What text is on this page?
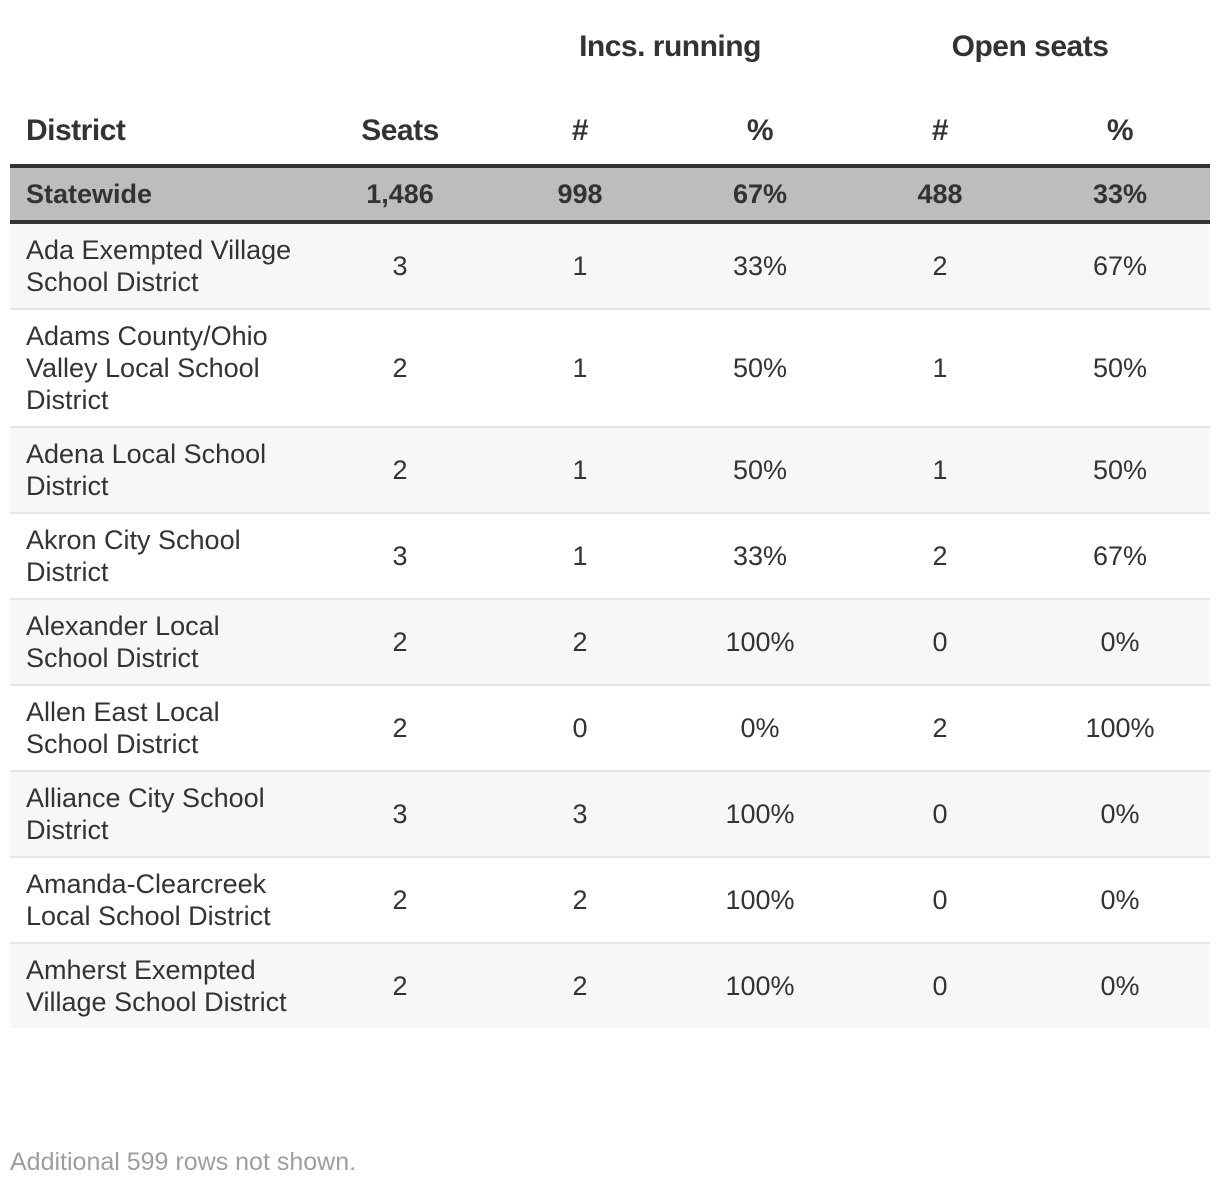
		Incs. running		Open seats	
District	Seats	#	%	#	%
Statewide	1,486	998	67%	488	33%
Ada Exempted Village School District	3	1	33%	2	67%
Adams County/Ohio Valley Local School District	2	1	50%	1	50%
Adena Local School District	2	1	50%	1	50%
Akron City School District	3	1	33%	2	67%
Alexander Local School District	2	2	100%	0	0%
Allen East Local School District	2	0	0%	2	100%
Alliance City School District	3	3	100%	0	0%
Amanda-Clearcreek Local School District	2	2	100%	0	0%
Amherst Exempted Village School District	2	2	100%	0	0%
Additional 599 rows not shown.
